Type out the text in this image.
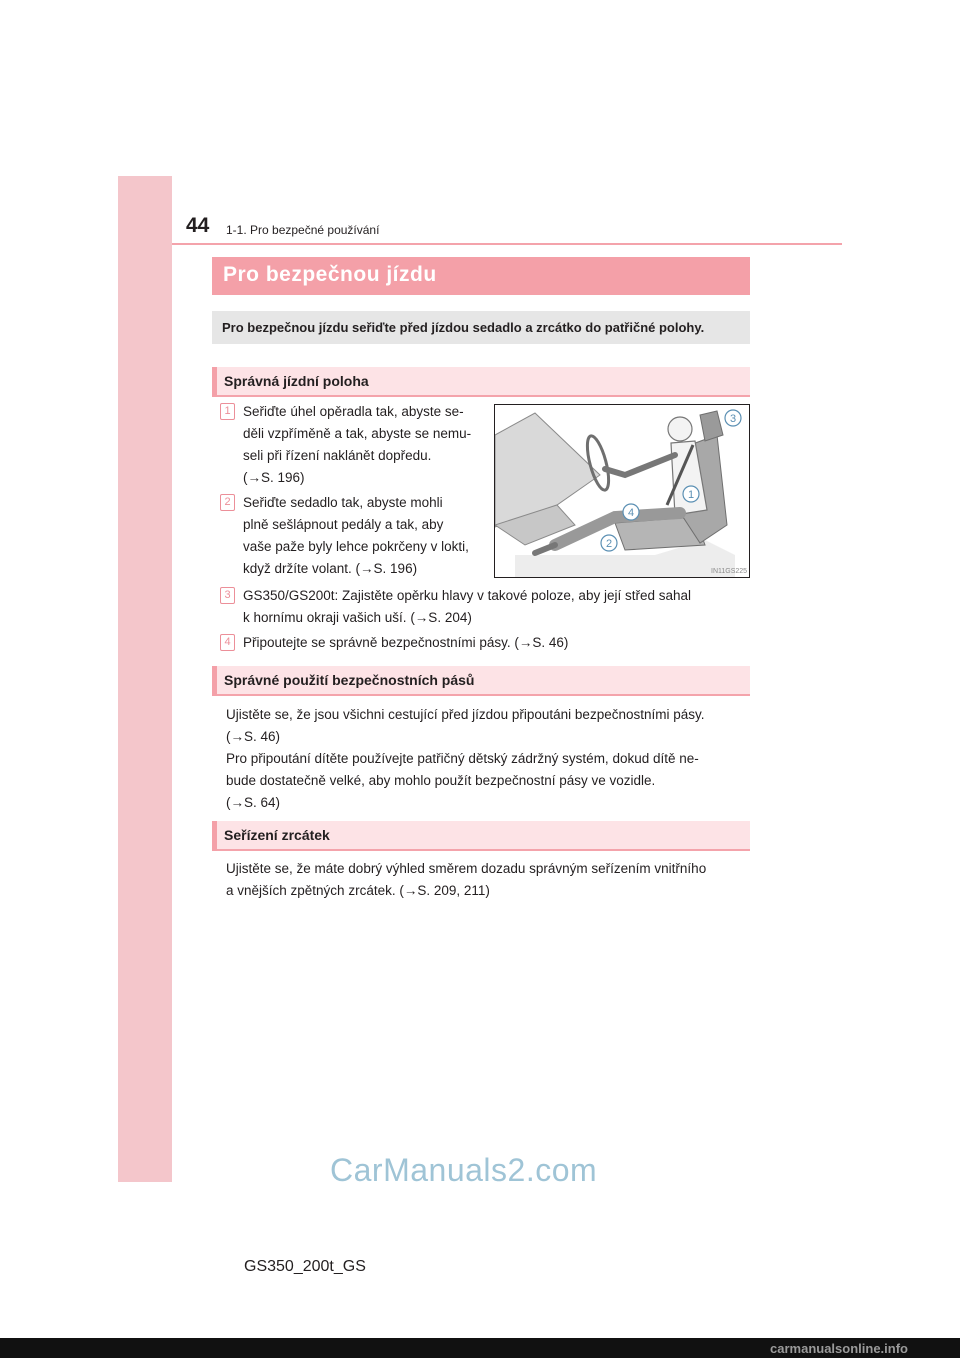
44 1-1. Pro bezpečné používání
Pro bezpečnou jízdu
Pro bezpečnou jízdu seřiďte před jízdou sedadlo a zrcátko do patřičné polohy.
Správná jízdní poloha
1 Seřiďte úhel opěradla tak, abyste se-
děli vzpříměně a tak, abyste se nemu-
seli při řízení naklánět dopředu.
(→S. 196)
2 Seřiďte sedadlo tak, abyste mohli
plně sešlápnout pedály a tak, aby
vaše paže byly lehce pokrčeny v lokti,
když držíte volant. (→S. 196)
1
2
3
4
IN11GS225
3 GS350/GS200t: Zajistěte opěrku hlavy v takové poloze, aby její střed sahal
k hornímu okraji vašich uší. (→S. 204)
4 Připoutejte se správně bezpečnostními pásy. (→S. 46)
Správné použití bezpečnostních pásů
Ujistěte se, že jsou všichni cestující před jízdou připoutáni bezpečnostními pásy.
(→S. 46)
Pro připoutání dítěte používejte patřičný dětský zádržný systém, dokud dítě ne-
bude dostatečně velké, aby mohlo použít bezpečnostní pásy ve vozidle.
(→S. 64)
Seřízení zrcátek
Ujistěte se, že máte dobrý výhled směrem dozadu správným seřízením vnitřního
a vnějších zpětných zrcátek. (→S. 209, 211)
CarManuals2.com
GS350_200t_GS
carmanualsonline.info
